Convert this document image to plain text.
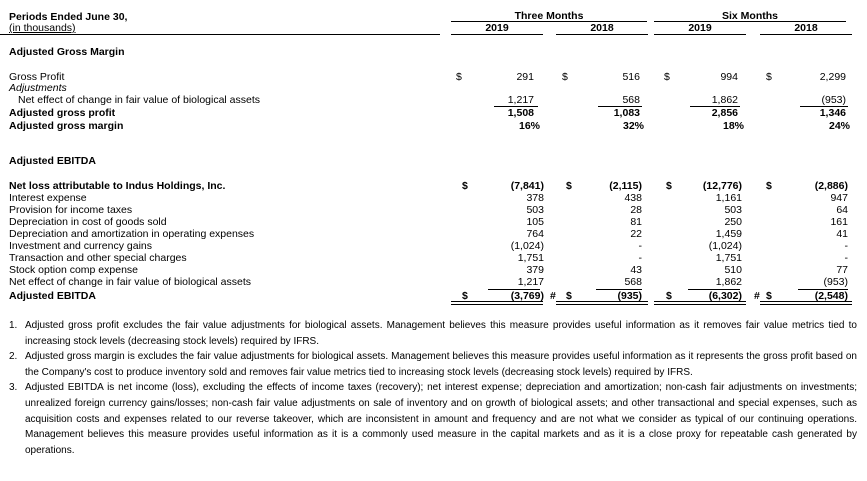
Periods Ended June 30,
(in thousands)
Three Months	Six Months
2019	2018	2019	2018
Adjusted Gross Margin
Gross Profit	$	291	$	516 $	994	$	2,299
Adjustments
Net effect of change in fair value of biological assets	1,217	568	1,862	(953)
Adjusted gross profit	1,508	1,083	2,856	1,346
Adjusted gross margin	16%	32%	18%	24%
Adjusted EBITDA
Net loss attributable to Indus Holdings, Inc.	$	(7,841) $	(2,115) $	(12,776) $	(2,886)
Interest expense	378	438	1,161	947
Provision for income taxes	503	28	503	64
Depreciation in cost of goods sold	105	81	250	161
Depreciation and amortization in operating expenses	764	22	1,459	41
Investment and currency gains	(1,024)	-	(1,024)	-
Transaction and other special charges	1,751	-	1,751	-
Stock option comp expense	379	43	510	77
Net effect of change in fair value of biological assets	1,217	568	1,862	(953)
Adjusted EBITDA	$	(3,769) $	(935) $	(6,302) $	(2,548)
#	#

1. Adjusted gross profit excludes the fair value adjustments for biological assets. Management believes this measure provides useful information as it removes fair value metrics tied to increasing stock levels (decreasing stock levels) required by IFRS.

2. Adjusted gross margin is excludes the fair value adjustments for biological assets. Management believes this measure provides useful information as it represents the gross profit based on the Company's cost to produce inventory sold and removes fair value metrics tied to increasing stock levels (decreasing stock levels) required by IFRS.

3. Adjusted EBITDA is net income (loss), excluding the effects of income taxes (recovery); net interest expense; depreciation and amortization; non-cash fair adjustments on investments; unrealized foreign currency gains/losses; non-cash fair value adjustments on sale of inventory and on growth of biological assets; and other transactional and special expenses, such as acquisition costs and expenses related to our reverse takeover, which are inconsistent in amount and frequency and are not what we consider as typical of our continuing operations. Management believes this measure provides useful information as it is a commonly used measure in the capital markets and as it is a close proxy for repeatable cash generated by operations.
